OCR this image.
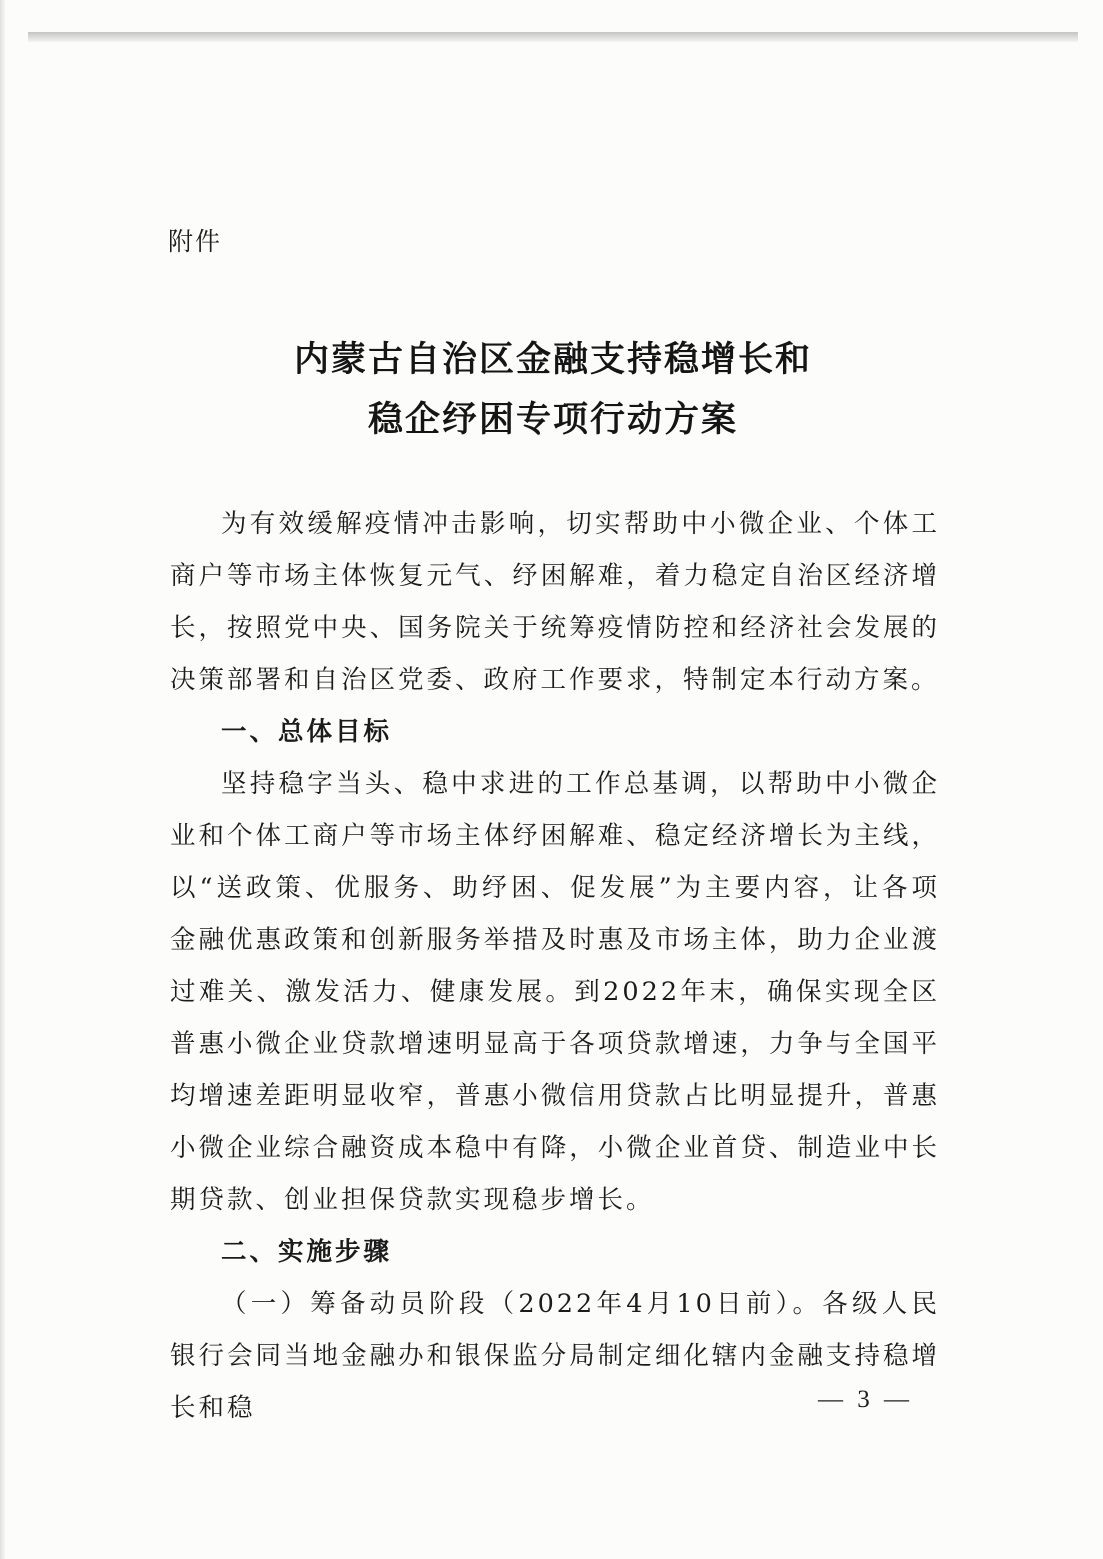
附件
内蒙古自治区金融支持稳增长和
稳企纾困专项行动方案

为有效缓解疫情冲击影响，切实帮助中小微企业、个体工商户等市场主体恢复元气、纾困解难，着力稳定自治区经济增长，按照党中央、国务院关于统筹疫情防控和经济社会发展的决策部署和自治区党委、政府工作要求，特制定本行动方案。

一、总体目标

坚持稳字当头、稳中求进的工作总基调，以帮助中小微企业和个体工商户等市场主体纾困解难、稳定经济增长为主线，以“送政策、优服务、助纾困、促发展”为主要内容，让各项金融优惠政策和创新服务举措及时惠及市场主体，助力企业渡过难关、激发活力、健康发展。到2022年末，确保实现全区普惠小微企业贷款增速明显高于各项贷款增速，力争与全国平均增速差距明显收窄，普惠小微信用贷款占比明显提升，普惠小微企业综合融资成本稳中有降，小微企业首贷、制造业中长期贷款、创业担保贷款实现稳步增长。

二、实施步骤

（一）筹备动员阶段（2022年4月10日前）。各级人民银行会同当地金融办和银保监分局制定细化辖内金融支持稳增长和稳	— 3 —
